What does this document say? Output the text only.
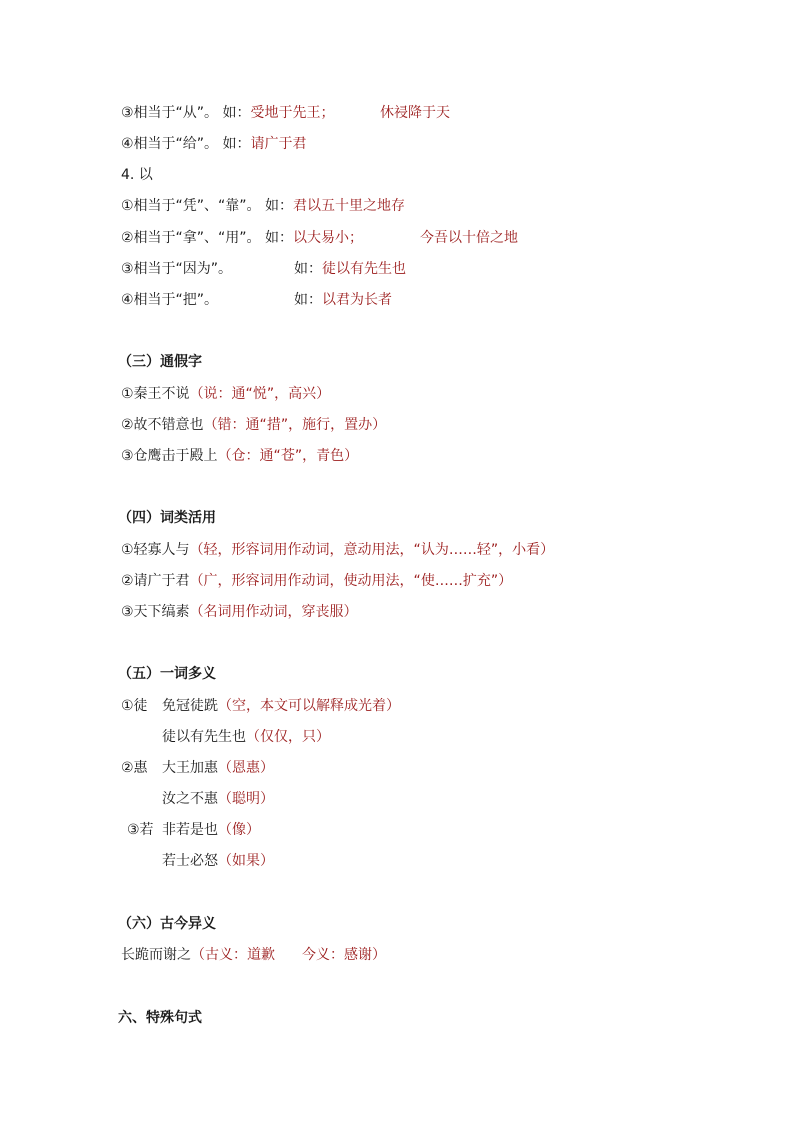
③相当于“从”。 如：受地于先王；	休祲降于天
④相当于“给”。 如：请广于君
4. 以
①相当于“凭”、“靠”。 如：君以五十里之地存
②相当于“拿”、“用”。 如：以大易小；	今吾以十倍之地
③相当于“因为”。	如：徒以有先生也
④相当于“把”。	如：以君为长者
（三）通假字
①秦王不说（说：通“悦”，高兴）
②故不错意也（错：通“措”，施行，置办）
③仓鹰击于殿上（仓：通“苍”，青色）
（四）词类活用
①轻寡人与（轻，形容词用作动词，意动用法，“认为……轻”，小看）
②请广于君（广，形容词用作动词，使动用法，“使……扩充”）
③天下缟素（名词用作动词，穿丧服）
（五）一词多义
①徒 免冠徒跣（空，本文可以解释成光着）
徒以有先生也（仅仅，只）
②惠 大王加惠（恩惠）
汝之不惠（聪明）
③若 非若是也（像）
若士必怒（如果）
（六）古今异义
长跪而谢之（古义：道歉 今义：感谢）
六、特殊句式
